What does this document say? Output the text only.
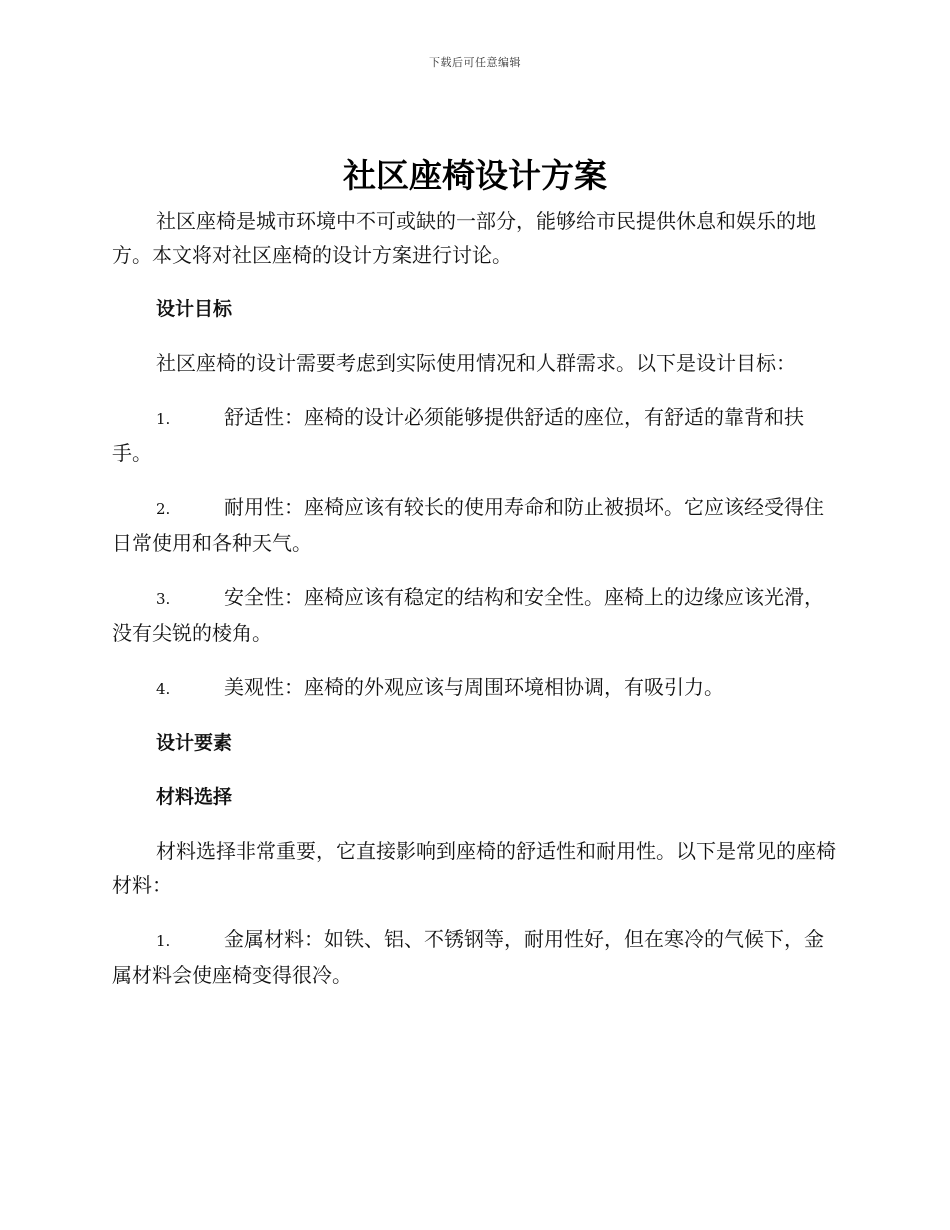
下载后可任意编辑
社区座椅设计方案

社区座椅是城市环境中不可或缺的一部分，能够给市民提供休息和娱乐的地方。本文将对社区座椅的设计方案进行讨论。

设计目标

社区座椅的设计需要考虑到实际使用情况和人群需求。以下是设计目标：

1.	舒适性：座椅的设计必须能够提供舒适的座位，有舒适的靠背和扶手。

2.	耐用性：座椅应该有较长的使用寿命和防止被损坏。它应该经受得住日常使用和各种天气。

3.	安全性：座椅应该有稳定的结构和安全性。座椅上的边缘应该光滑，没有尖锐的棱角。

4.	美观性：座椅的外观应该与周围环境相协调，有吸引力。

设计要素

材料选择

材料选择非常重要，它直接影响到座椅的舒适性和耐用性。以下是常见的座椅材料：

1.	金属材料：如铁、铝、不锈钢等，耐用性好，但在寒冷的气候下，金属材料会使座椅变得很冷。
